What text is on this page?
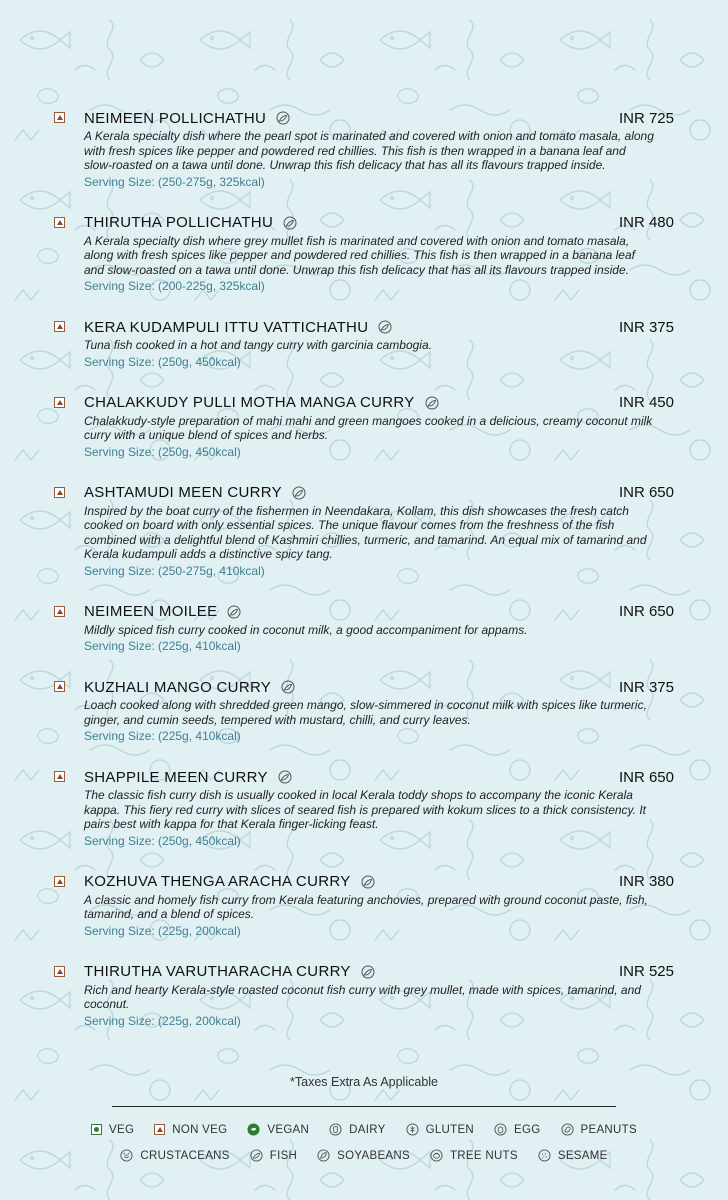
NEIMEEN POLLICHATHU	INR 725
A Kerala specialty dish where the pearl spot is marinated and covered with onion and tomato masala, along with fresh spices like pepper and powdered red chillies. This fish is then wrapped in a banana leaf and slow-roasted on a tawa until done. Unwrap this fish delicacy that has all its flavours trapped inside.
Serving Size: (250-275g, 325kcal)
THIRUTHA POLLICHATHU	INR 480
A Kerala specialty dish where grey mullet fish is marinated and covered with onion and tomato masala, along with fresh spices like pepper and powdered red chillies. This fish is then wrapped in a banana leaf and slow-roasted on a tawa until done. Unwrap this fish delicacy that has all its flavours trapped inside.
Serving Size: (200-225g, 325kcal)
KERA KUDAMPULI ITTU VATTICHATHU	INR 375
Tuna fish cooked in a hot and tangy curry with garcinia cambogia.
Serving Size: (250g, 450kcal)
CHALAKKUDY PULLI MOTHA MANGA CURRY	INR 450
Chalakkudy-style preparation of mahi mahi and green mangoes cooked in a delicious, creamy coconut milk curry with a unique blend of spices and herbs.
Serving Size: (250g, 450kcal)
ASHTAMUDI MEEN CURRY	INR 650
Inspired by the boat curry of the fishermen in Neendakara, Kollam, this dish showcases the fresh catch cooked on board with only essential spices. The unique flavour comes from the freshness of the fish combined with a delightful blend of Kashmiri chillies, turmeric, and tamarind. An equal mix of tamarind and Kerala kudampuli adds a distinctive spicy tang.
Serving Size: (250-275g, 410kcal)
NEIMEEN MOILEE	INR 650
Mildly spiced fish curry cooked in coconut milk, a good accompaniment for appams.
Serving Size: (225g, 410kcal)
KUZHALI MANGO CURRY	INR 375
Loach cooked along with shredded green mango, slow-simmered in coconut milk with spices like turmeric, ginger, and cumin seeds, tempered with mustard, chilli, and curry leaves.
Serving Size: (225g, 410kcal)
SHAPPILE MEEN CURRY	INR 650
The classic fish curry dish is usually cooked in local Kerala toddy shops to accompany the iconic Kerala kappa. This fiery red curry with slices of seared fish is prepared with kokum slices to a thick consistency. It pairs best with kappa for that Kerala finger-licking feast.
Serving Size: (250g, 450kcal)
KOZHUVA THENGA ARACHA CURRY	INR 380
A classic and homely fish curry from Kerala featuring anchovies, prepared with ground coconut paste, fish, tamarind, and a blend of spices.
Serving Size: (225g, 200kcal)
THIRUTHA VARUTHARACHA CURRY	INR 525
Rich and hearty Kerala-style roasted coconut fish curry with grey mullet, made with spices, tamarind, and coconut.
Serving Size: (225g, 200kcal)
*Taxes Extra As Applicable
VEG	NON VEG	VEGAN	DAIRY	GLUTEN	EGG	PEANUTS
CRUSTACEANS	FISH	SOYABEANS	TREE NUTS	SESAME
